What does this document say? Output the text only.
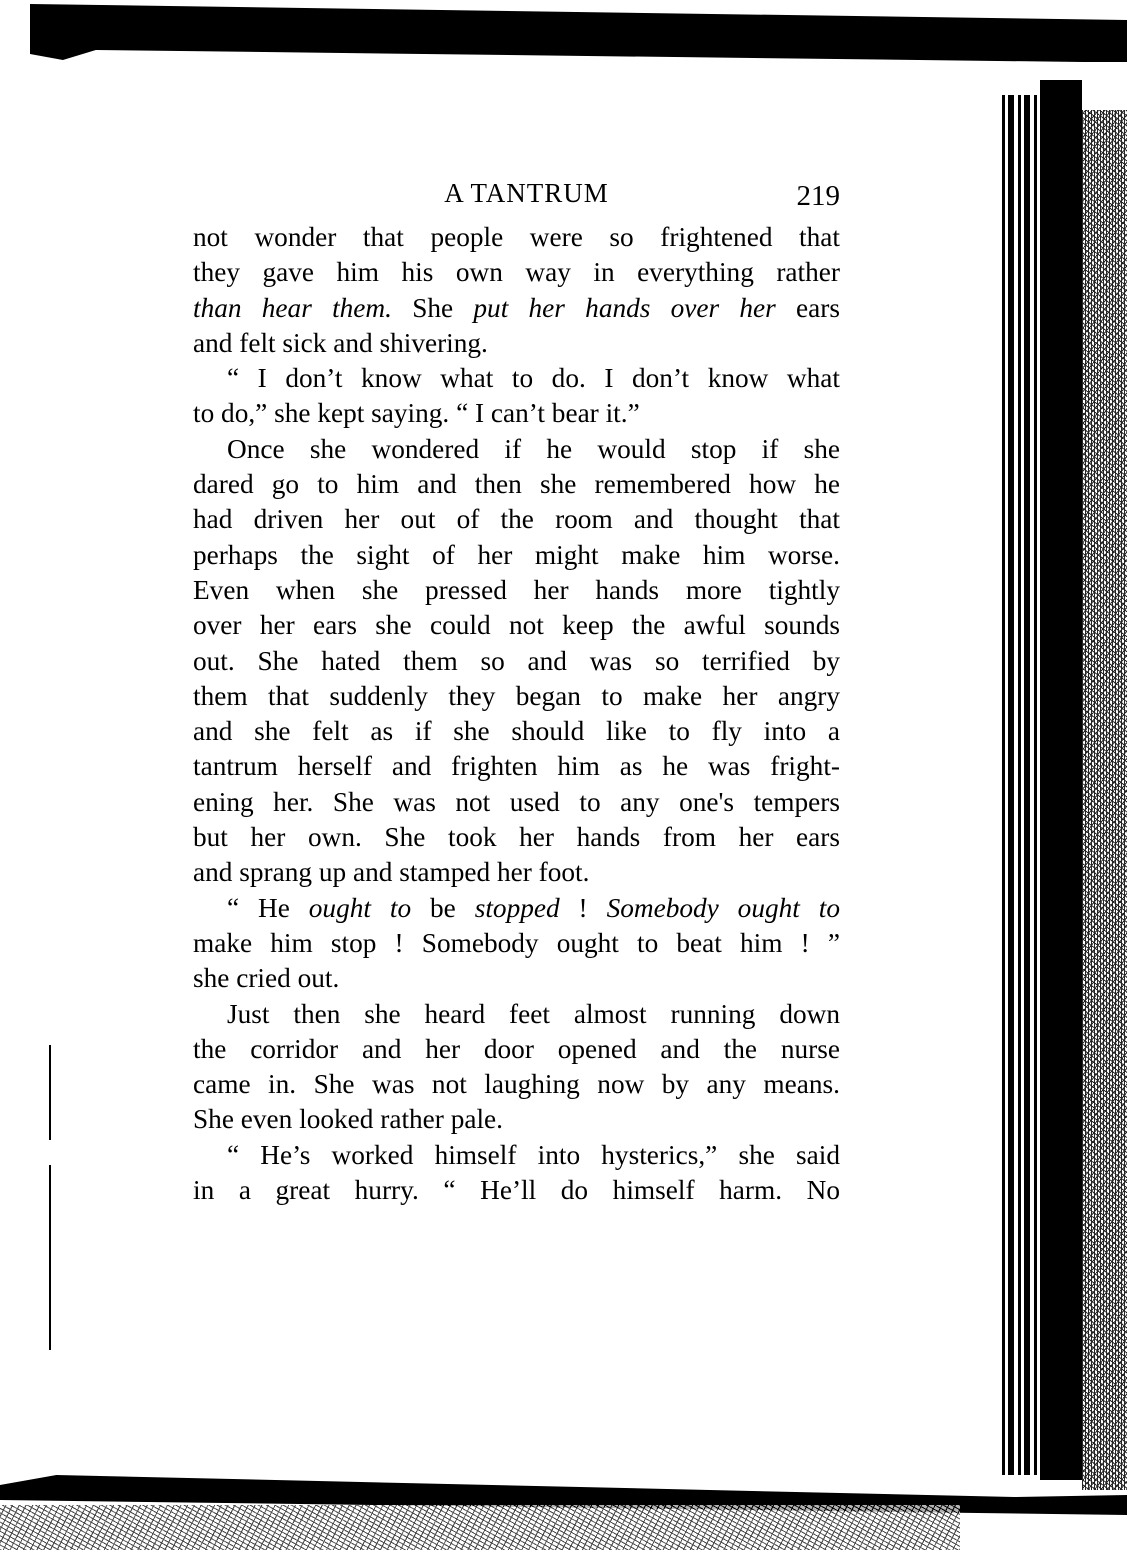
A TANTRUM	219
not wonder that people were so frightened that
they gave him his own way in everything rather
than hear them. She put her hands over her ears
and felt sick and shivering.
“ I don’t know what to do. I don’t know what
to do,” she kept saying. “ I can’t bear it.”
Once she wondered if he would stop if she
dared go to him and then she remembered how he
had driven her out of the room and thought that
perhaps the sight of her might make him worse.
Even when she pressed her hands more tightly
over her ears she could not keep the awful sounds
out. She hated them so and was so terrified by
them that suddenly they began to make her angry
and she felt as if she should like to fly into a
tantrum herself and frighten him as he was fright-
ening her. She was not used to any one's tempers
but her own. She took her hands from her ears
and sprang up and stamped her foot.
“ He ought to be stopped ! Somebody ought to
make him stop ! Somebody ought to beat him ! ”
she cried out.
Just then she heard feet almost running down
the corridor and her door opened and the nurse
came in. She was not laughing now by any means.
She even looked rather pale.
“ He’s worked himself into hysterics,” she said
in a great hurry. “ He’ll do himself harm. No
